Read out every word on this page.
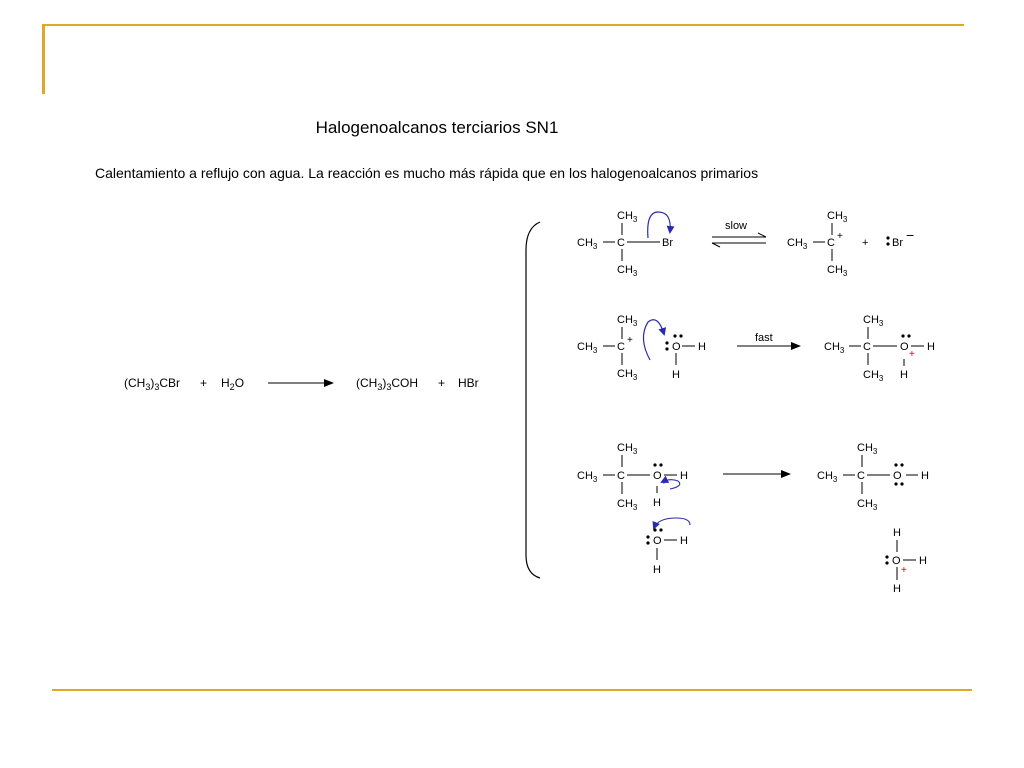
Halogenoalcanos terciarios SN1
Calentamiento a reflujo con agua. La reacción es mucho más rápida que en los halogenoalcanos primarios
$(CH_3)_3CBr + H_2O$	$(CH_3)_3COH$ + HBr
$CH_3$
$CH_3$ C	Br
$CH_3$
slow
$CH_3$
$CH_3$ C
+
$CH_3$
+ Br −
$CH_3$
$CH_3$ C
+
$CH_3$
O H
H
fast
$CH_3$
$CH_3$ C	O
+
H
$CH_3$ H
$CH_3$
$CH_3$ C	O
+
H
$CH_3$ H
O H
H
$CH_3$
$CH_3$ C	O H
$CH_3$
H
O H
+
H
